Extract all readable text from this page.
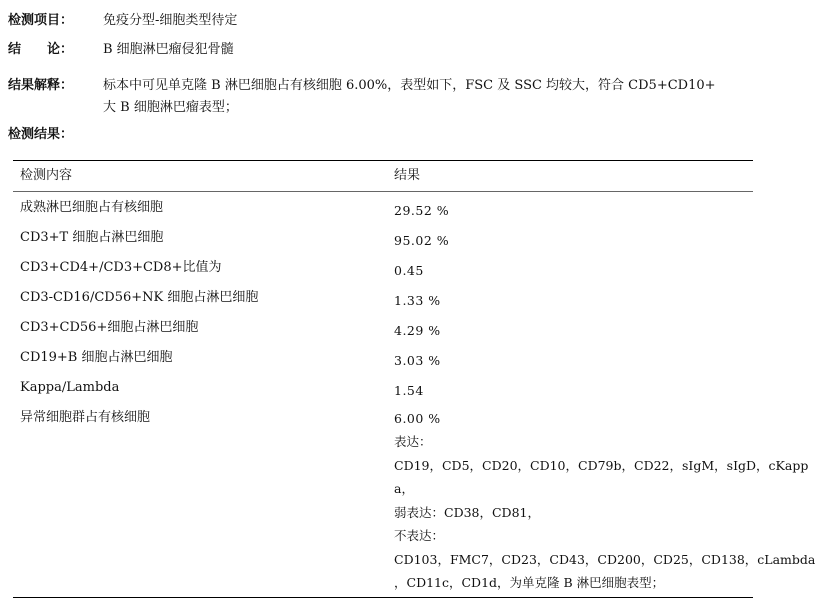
检测项目： 免疫分型-细胞类型待定
结　　论： B 细胞淋巴瘤侵犯骨髓
结果解释： 标本中可见单克隆 B 淋巴细胞占有核细胞 6.00%，表型如下，FSC 及 SSC 均较大，符合 CD5+CD10+
大 B 细胞淋巴瘤表型；
检测结果：
检测内容	结果
成熟淋巴细胞占有核细胞	29.52 %
CD3+T 细胞占淋巴细胞	95.02 %
CD3+CD4+/CD3+CD8+比值为	0.45
CD3-CD16/CD56+NK 细胞占淋巴细胞	1.33 %
CD3+CD56+细胞占淋巴细胞	4.29 %
CD19+B 细胞占淋巴细胞	3.03 %
Kappa/Lambda	1.54
异常细胞群占有核细胞	6.00 %
表达：
CD19，CD5，CD20，CD10，CD79b，CD22，sIgM，sIgD，cKapp
a，
弱表达：CD38，CD81，
不表达：
CD103，FMC7，CD23，CD43，CD200，CD25，CD138，cLambda
，CD11c，CD1d，为单克隆 B 淋巴细胞表型；
